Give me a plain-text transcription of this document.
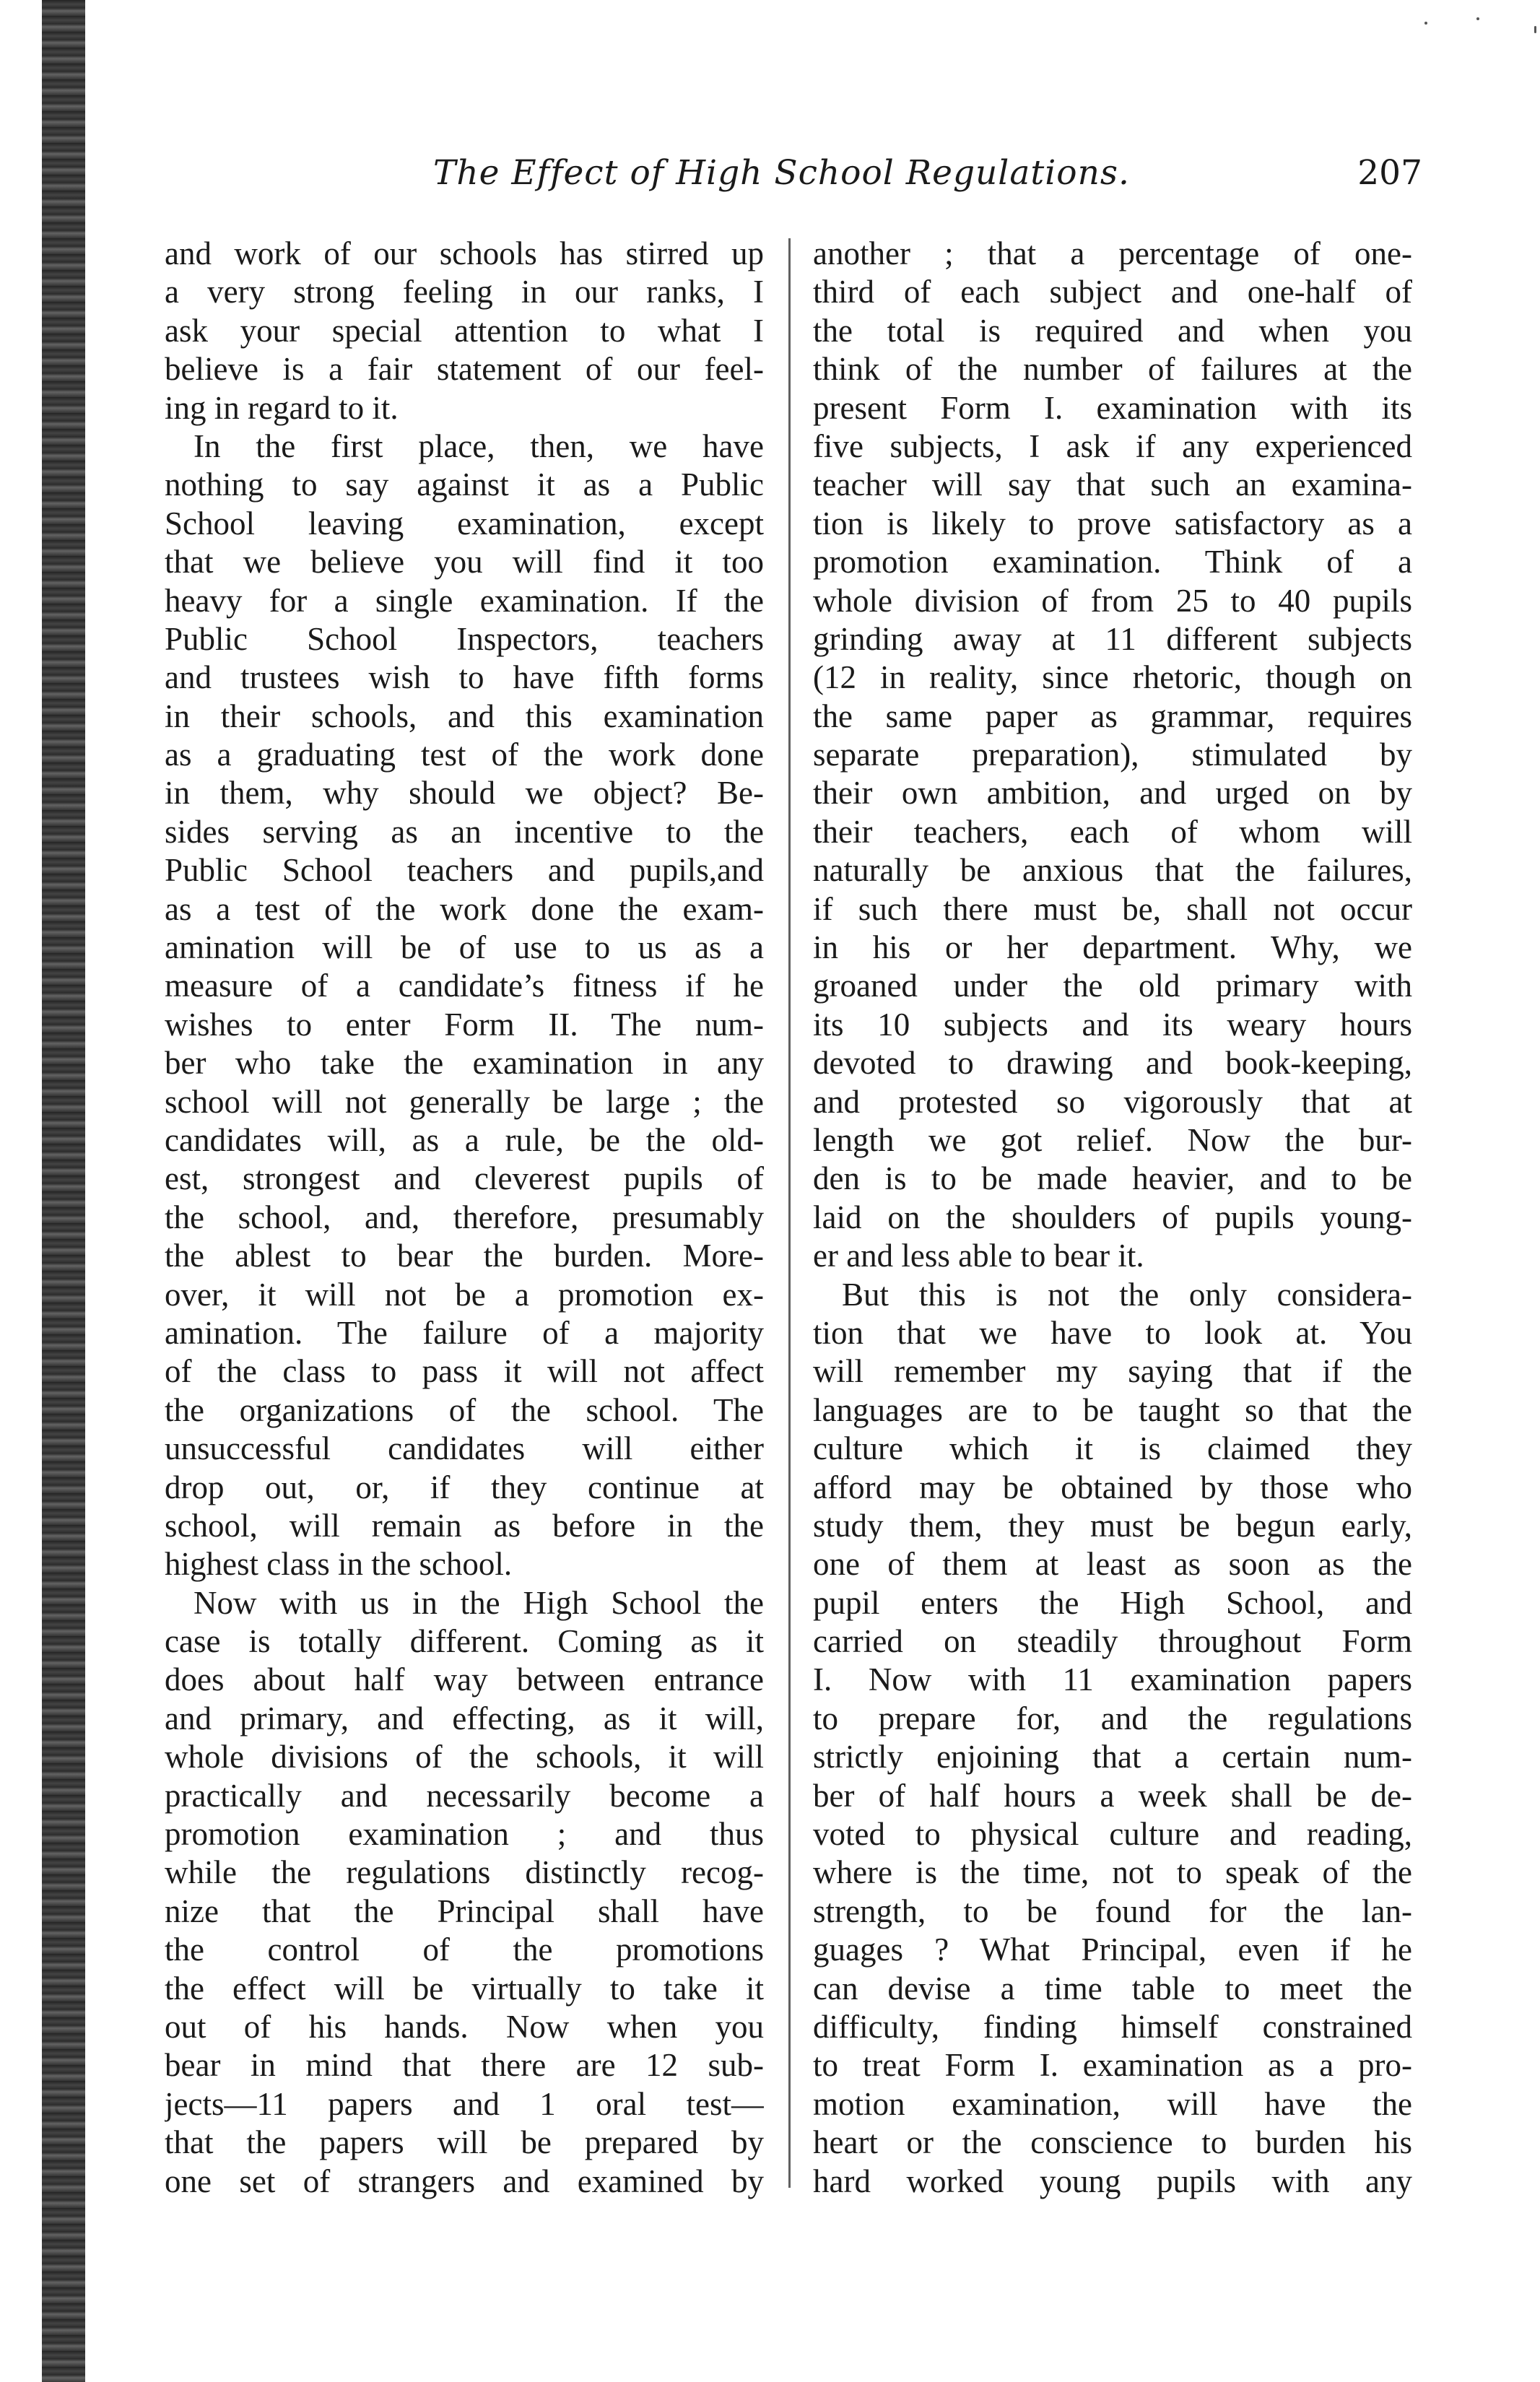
The Effect of High School Regulations.	207
and work of our schools has stirred up
a very strong feeling in our ranks, I
ask your special attention to what I
believe is a fair statement of our feel-
ing in regard to it.
In the first place, then, we have
nothing to say against it as a Public
School leaving examination, except
that we believe you will find it too
heavy for a single examination. If the
Public School Inspectors, teachers
and trustees wish to have fifth forms
in their schools, and this examination
as a graduating test of the work done
in them, why should we object? Be-
sides serving as an incentive to the
Public School teachers and pupils,and
as a test of the work done the exam-
amination will be of use to us as a
measure of a candidate’s fitness if he
wishes to enter Form II. The num-
ber who take the examination in any
school will not generally be large ; the
candidates will, as a rule, be the old-
est, strongest and cleverest pupils of
the school, and, therefore, presumably
the ablest to bear the burden. More-
over, it will not be a promotion ex-
amination. The failure of a majority
of the class to pass it will not affect
the organizations of the school. The
unsuccessful candidates will either
drop out, or, if they continue at
school, will remain as before in the
highest class in the school.
Now with us in the High School the
case is totally different. Coming as it
does about half way between entrance
and primary, and effecting, as it will,
whole divisions of the schools, it will
practically and necessarily become a
promotion examination ; and thus
while the regulations distinctly recog-
nize that the Principal shall have
the control of the promotions
the effect will be virtually to take it
out of his hands. Now when you
bear in mind that there are 12 sub-
jects—11 papers and 1 oral test—
that the papers will be prepared by
one set of strangers and examined by
another ; that a percentage of one-
third of each subject and one-half of
the total is required and when you
think of the number of failures at the
present Form I. examination with its
five subjects, I ask if any experienced
teacher will say that such an examina-
tion is likely to prove satisfactory as a
promotion examination. Think of a
whole division of from 25 to 40 pupils
grinding away at 11 different subjects
(12 in reality, since rhetoric, though on
the same paper as grammar, requires
separate preparation), stimulated by
their own ambition, and urged on by
their teachers, each of whom will
naturally be anxious that the failures,
if such there must be, shall not occur
in his or her department. Why, we
groaned under the old primary with
its 10 subjects and its weary hours
devoted to drawing and book-keeping,
and protested so vigorously that at
length we got relief. Now the bur-
den is to be made heavier, and to be
laid on the shoulders of pupils young-
er and less able to bear it.
But this is not the only considera-
tion that we have to look at. You
will remember my saying that if the
languages are to be taught so that the
culture which it is claimed they
afford may be obtained by those who
study them, they must be begun early,
one of them at least as soon as the
pupil enters the High School, and
carried on steadily throughout Form
I. Now with 11 examination papers
to prepare for, and the regulations
strictly enjoining that a certain num-
ber of half hours a week shall be de-
voted to physical culture and reading,
where is the time, not to speak of the
strength, to be found for the lan-
guages ? What Principal, even if he
can devise a time table to meet the
difficulty, finding himself constrained
to treat Form I. examination as a pro-
motion examination, will have the
heart or the conscience to burden his
hard worked young pupils with any
